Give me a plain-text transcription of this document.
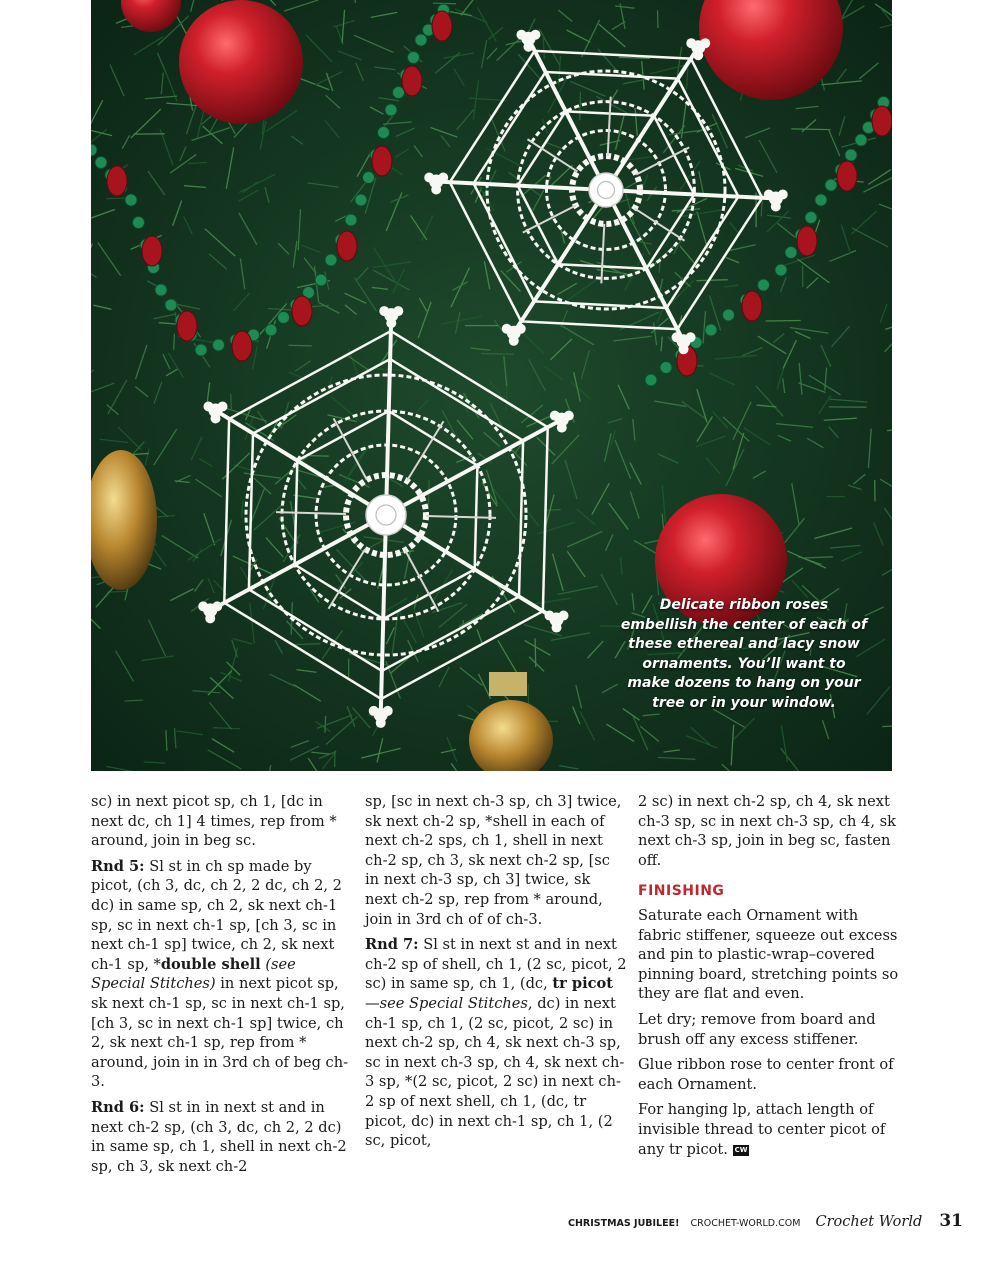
Delicate ribbon roses embellish the center of each of these ethereal and lacy snow ornaments. You’ll want to make dozens to hang on your tree or in your window.

sc) in next picot sp, ch 1, [dc in next dc, ch 1] 4 times, rep from * around, join in beg sc.

Rnd 5: Sl st in ch sp made by picot, (ch 3, dc, ch 2, 2 dc, ch 2, 2 dc) in same sp, ch 2, sk next ch-1 sp, sc in next ch-1 sp, [ch 3, sc in next ch-1 sp] twice, ch 2, sk next ch-1 sp, *double shell (see Special Stitches) in next picot sp, sk next ch-1 sp, sc in next ch-1 sp, [ch 3, sc in next ch-1 sp] twice, ch 2, sk next ch-1 sp, rep from * around, join in in 3rd ch of beg ch-3.

Rnd 6: Sl st in in next st and in next ch-2 sp, (ch 3, dc, ch 2, 2 dc) in same sp, ch 1, shell in next ch-2 sp, ch 3, sk next ch-2

sp, [sc in next ch-3 sp, ch 3] twice, sk next ch-2 sp, *shell in each of next ch-2 sps, ch 1, shell in next ch-2 sp, ch 3, sk next ch-2 sp, [sc in next ch-3 sp, ch 3] twice, sk next ch-2 sp, rep from * around, join in 3rd ch of of ch-3.

Rnd 7: Sl st in next st and in next ch-2 sp of shell, ch 1, (2 sc, picot, 2 sc) in same sp, ch 1, (dc, tr picot—see Special Stitches, dc) in next ch-1 sp, ch 1, (2 sc, picot, 2 sc) in next ch-2 sp, ch 4, sk next ch-3 sp, sc in next ch-3 sp, ch 4, sk next ch-3 sp, *(2 sc, picot, 2 sc) in next ch-2 sp of next shell, ch 1, (dc, tr picot, dc) in next ch-1 sp, ch 1, (2 sc, picot,

2 sc) in next ch-2 sp, ch 4, sk next ch-3 sp, sc in next ch-3 sp, ch 4, sk next ch-3 sp, join in beg sc, fasten off.

FINISHING

Saturate each Ornament with fabric stiffener, squeeze out excess and pin to plastic-wrap–covered pinning board, stretching points so they are flat and even.

Let dry; remove from board and brush off any excess stiffener.

Glue ribbon rose to center front of each Ornament.

For hanging lp, attach length of invisible thread to center picot of any tr picot. CW

CHRISTMAS JUBILEE! CROCHET-WORLD.COM Crochet World 31
